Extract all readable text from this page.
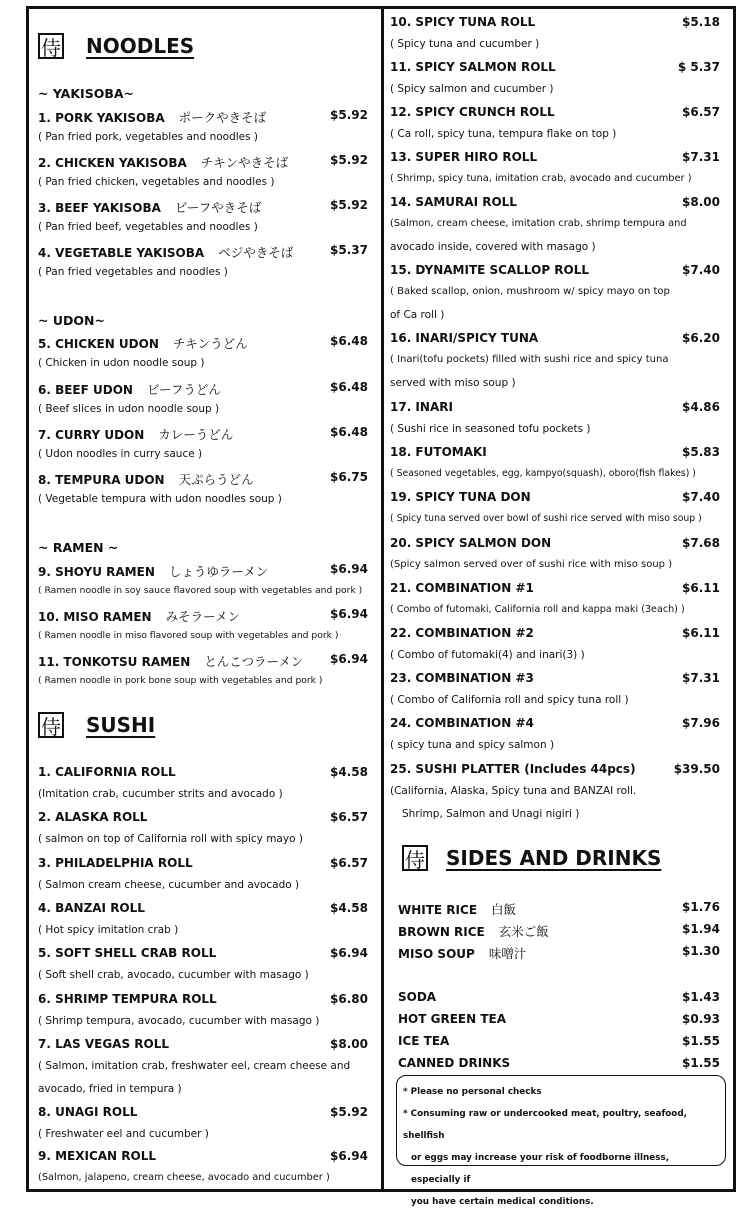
侍 NOODLES
~ YAKISOBA~
1. PORK YAKISOBA ポークやきそば	$5.92
( Pan fried pork, vegetables and noodles )
2. CHICKEN YAKISOBA チキンやきそば	$5.92
( Pan fried chicken, vegetables and noodles )
3. BEEF YAKISOBA ビーフやきそば	$5.92
( Pan fried beef, vegetables and noodles )
4. VEGETABLE YAKISOBA ベジやきそば	$5.37
( Pan fried vegetables and noodles )
~ UDON~
5. CHICKEN UDON チキンうどん	$6.48
( Chicken in udon noodle soup )
6. BEEF UDON ビーフうどん	$6.48
( Beef slices in udon noodle soup )
7. CURRY UDON カレーうどん	$6.48
( Udon noodles in curry sauce )
8. TEMPURA UDON 天ぷらうどん	$6.75
( Vegetable tempura with udon noodles soup )
~ RAMEN ~
9. SHOYU RAMEN しょうゆラーメン	$6.94
( Ramen noodle in soy sauce flavored soup with vegetables and pork )
10. MISO RAMEN みそラーメン	$6.94
( Ramen noodle in miso flavored soup with vegetables and pork )
11. TONKOTSU RAMEN とんこつラーメン $6.94
( Ramen noodle in pork bone soup with vegetables and pork )
侍 SUSHI
1. CALIFORNIA ROLL	$4.58
(Imitation crab, cucumber strits and avocado )
2. ALASKA ROLL	$6.57
( salmon on top of California roll with spicy mayo )
3. PHILADELPHIA ROLL	$6.57
( Salmon cream cheese, cucumber and avocado )
4. BANZAI ROLL	$4.58
( Hot spicy imitation crab )
5. SOFT SHELL CRAB ROLL	$6.94
( Soft shell crab, avocado, cucumber with masago )
6. SHRIMP TEMPURA ROLL	$6.80
( Shrimp tempura, avocado, cucumber with masago )
7. LAS VEGAS ROLL	$8.00
( Salmon, imitation crab, freshwater eel, cream cheese and
avocado, fried in tempura )
8. UNAGI ROLL	$5.92
( Freshwater eel and cucumber )
9. MEXICAN ROLL	$6.94
(Salmon, jalapeno, cream cheese, avocado and cucumber )
10. SPICY TUNA ROLL	$5.18
( Spicy tuna and cucumber )
11. SPICY SALMON ROLL	$ 5.37
( Spicy salmon and cucumber )
12. SPICY CRUNCH ROLL	$6.57
( Ca roll, spicy tuna, tempura flake on top )
13. SUPER HIRO ROLL	$7.31
( Shrimp, spicy tuna, imitation crab, avocado and cucumber )
14. SAMURAI ROLL	$8.00
(Salmon, cream cheese, imitation crab, shrimp tempura and
avocado inside, covered with masago )
15. DYNAMITE SCALLOP ROLL	$7.40
( Baked scallop, onion, mushroom w/ spicy mayo on top
of Ca roll )
16. INARI/SPICY TUNA	$6.20
( Inari(tofu pockets) filled with sushi rice and spicy tuna
served with miso soup )
17. INARI	$4.86
( Sushi rice in seasoned tofu pockets )
18. FUTOMAKI	$5.83
( Seasoned vegetables, egg, kampyo(squash), oboro(fish flakes) )
19. SPICY TUNA DON	$7.40
( Spicy tuna served over bowl of sushi rice served with miso soup )
20. SPICY SALMON DON	$7.68
(Spicy salmon served over of sushi rice with miso soup )
21. COMBINATION #1	$6.11
( Combo of futomaki, California roll and kappa maki (3each) )
22. COMBINATION #2	$6.11
( Combo of futomaki(4) and inari(3) )
23. COMBINATION #3	$7.31
( Combo of California roll and spicy tuna roll )
24. COMBINATION #4	$7.96
( spicy tuna and spicy salmon )
25. SUSHI PLATTER (Includes 44pcs)	$39.50
(California, Alaska, Spicy tuna and BANZAI roll.
Shrimp, Salmon and Unagi nigiri )
侍 SIDES AND DRINKS
WHITE RICE 白飯	$1.76
BROWN RICE 玄米ご飯	$1.94
MISO SOUP 味噌汁	$1.30
SODA	$1.43
HOT GREEN TEA	$0.93
ICE TEA	$1.55
CANNED DRINKS	$1.55

* Please no personal checks

* Consuming raw or undercooked meat, poultry, seafood, shellfish

or eggs may increase your risk of foodborne illness, especially if

you have certain medical conditions.
